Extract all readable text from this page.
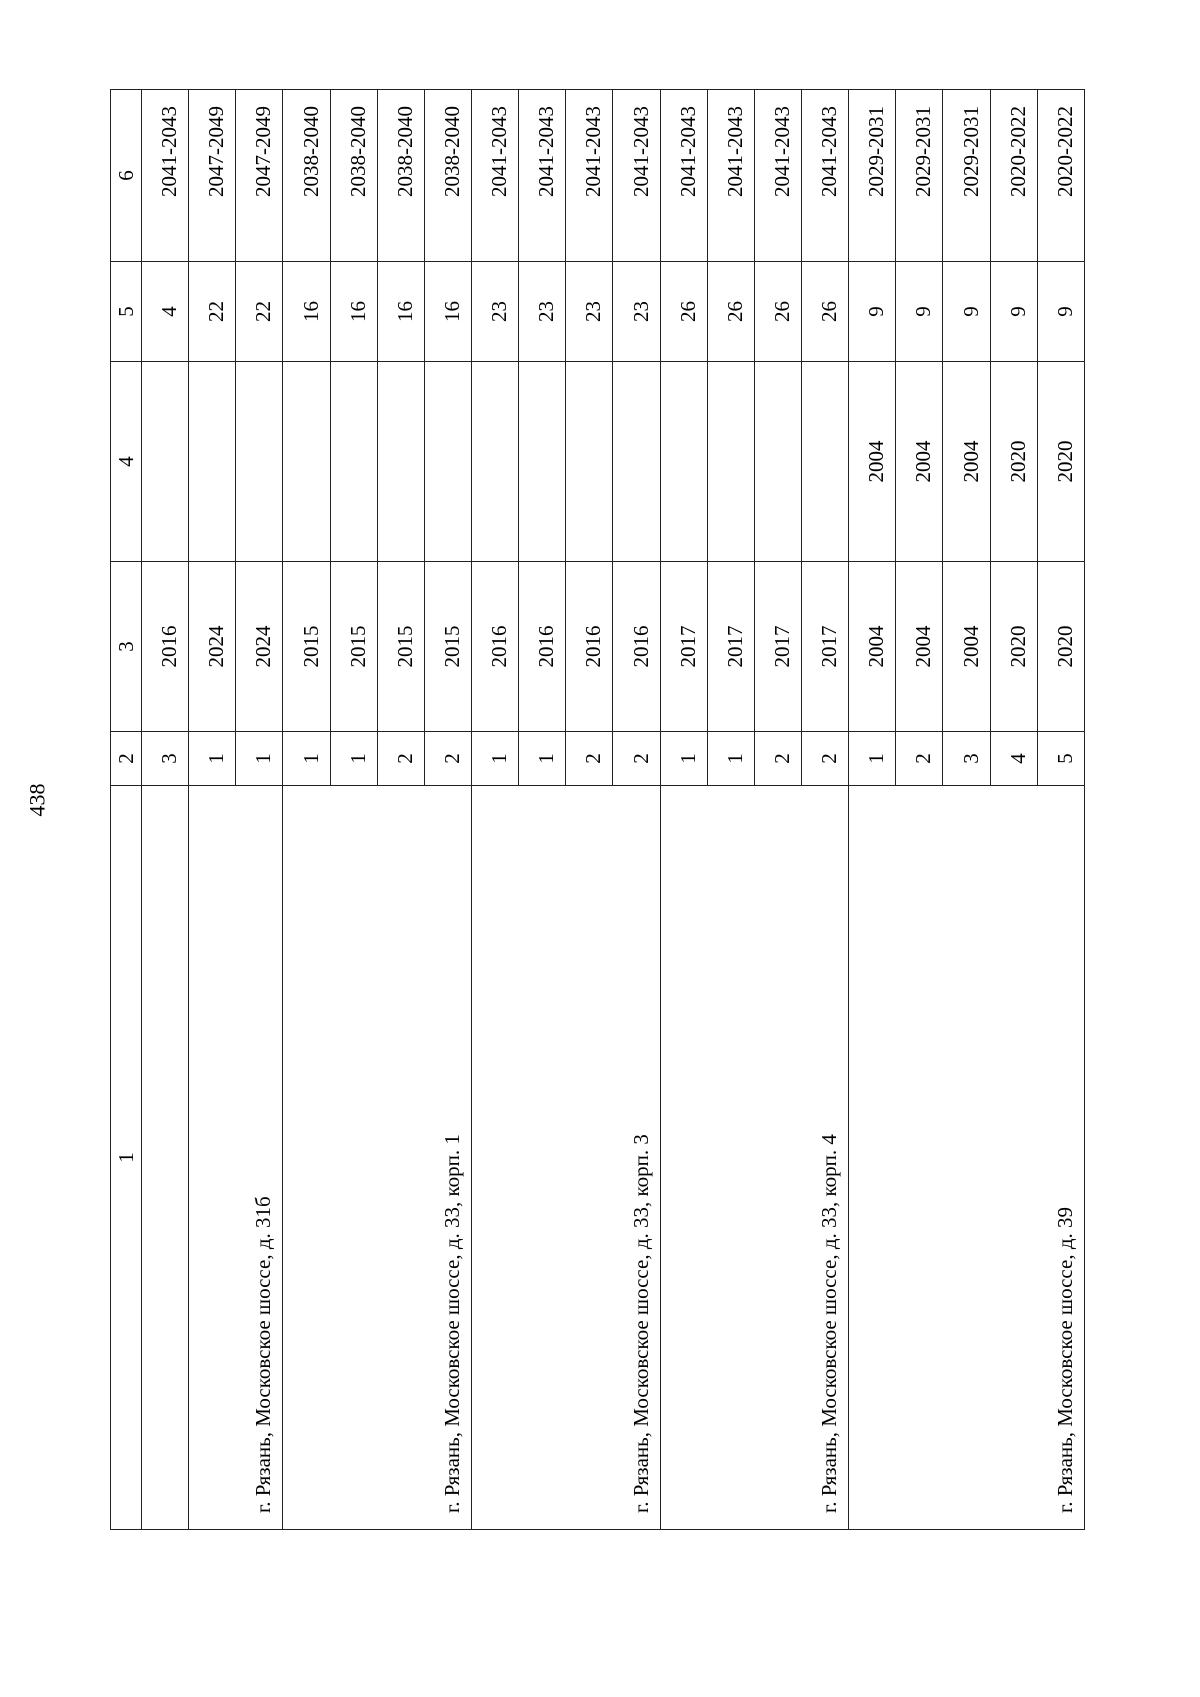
438
1	2	3	4	5	6
	3	2016		4	2041-2043
г. Рязань, Московское шоссе, д. 31б	1	2024		22	2047-2049
	1	2024		22	2047-2049
г. Рязань, Московское шоссе, д. 33, корп. 1	1	2015		16	2038-2040
	1	2015		16	2038-2040
	2	2015		16	2038-2040
	2	2015		16	2038-2040
г. Рязань, Московское шоссе, д. 33, корп. 3	1	2016		23	2041-2043
	1	2016		23	2041-2043
	2	2016		23	2041-2043
	2	2016		23	2041-2043
г. Рязань, Московское шоссе, д. 33, корп. 4	1	2017		26	2041-2043
	1	2017		26	2041-2043
	2	2017		26	2041-2043
	2	2017		26	2041-2043
г. Рязань, Московское шоссе, д. 39	1	2004	2004	9	2029-2031
	2	2004	2004	9	2029-2031
	3	2004	2004	9	2029-2031
	4	2020	2020	9	2020-2022
	5	2020	2020	9	2020-2022
